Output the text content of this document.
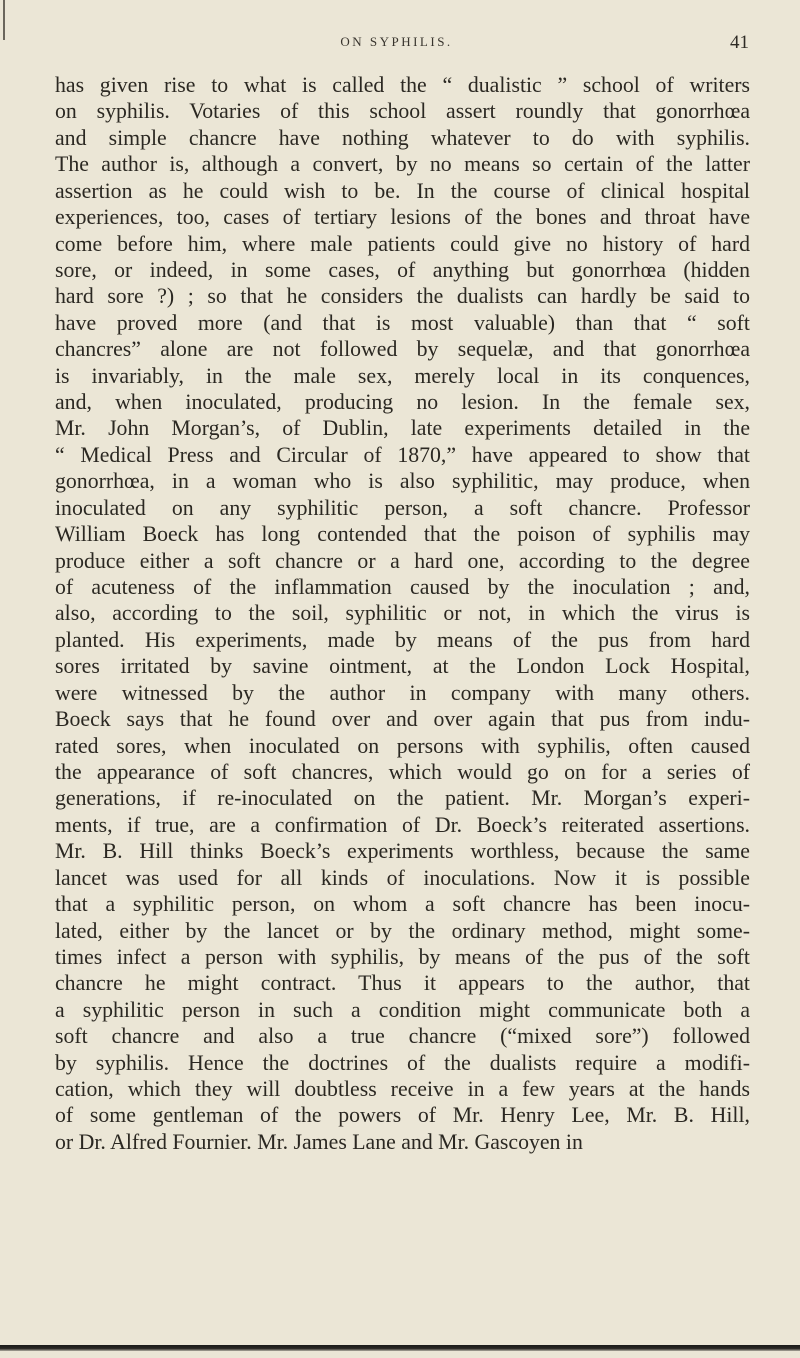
ON SYPHILIS.	41
has given rise to what is called the “ dualistic ” school of writers
on syphilis. Votaries of this school assert roundly that gonorrhœa
and simple chancre have nothing whatever to do with syphilis.
The author is, although a convert, by no means so certain of the latter
assertion as he could wish to be. In the course of clinical hospital
experiences, too, cases of tertiary lesions of the bones and throat have
come before him, where male patients could give no history of hard
sore, or indeed, in some cases, of anything but gonorrhœa (hidden
hard sore ?) ; so that he considers the dualists can hardly be said to
have proved more (and that is most valuable) than that “ soft
chancres” alone are not followed by sequelæ, and that gonorrhœa
is invariably, in the male sex, merely local in its conquences,
and, when inoculated, producing no lesion. In the female sex,
Mr. John Morgan’s, of Dublin, late experiments detailed in the
“ Medical Press and Circular of 1870,” have appeared to show that
gonorrhœa, in a woman who is also syphilitic, may produce, when
inoculated on any syphilitic person, a soft chancre. Professor
William Boeck has long contended that the poison of syphilis may
produce either a soft chancre or a hard one, according to the degree
of acuteness of the inflammation caused by the inoculation ; and,
also, according to the soil, syphilitic or not, in which the virus is
planted. His experiments, made by means of the pus from hard
sores irritated by savine ointment, at the London Lock Hospital,
were witnessed by the author in company with many others.
Boeck says that he found over and over again that pus from indu-
rated sores, when inoculated on persons with syphilis, often caused
the appearance of soft chancres, which would go on for a series of
generations, if re-inoculated on the patient. Mr. Morgan’s experi-
ments, if true, are a confirmation of Dr. Boeck’s reiterated assertions.
Mr. B. Hill thinks Boeck’s experiments worthless, because the same
lancet was used for all kinds of inoculations. Now it is possible
that a syphilitic person, on whom a soft chancre has been inocu-
lated, either by the lancet or by the ordinary method, might some-
times infect a person with syphilis, by means of the pus of the soft
chancre he might contract. Thus it appears to the author, that
a syphilitic person in such a condition might communicate both a
soft chancre and also a true chancre (“mixed sore”) followed
by syphilis. Hence the doctrines of the dualists require a modifi-
cation, which they will doubtless receive in a few years at the hands
of some gentleman of the powers of Mr. Henry Lee, Mr. B. Hill,
or Dr. Alfred Fournier. Mr. James Lane and Mr. Gascoyen in
